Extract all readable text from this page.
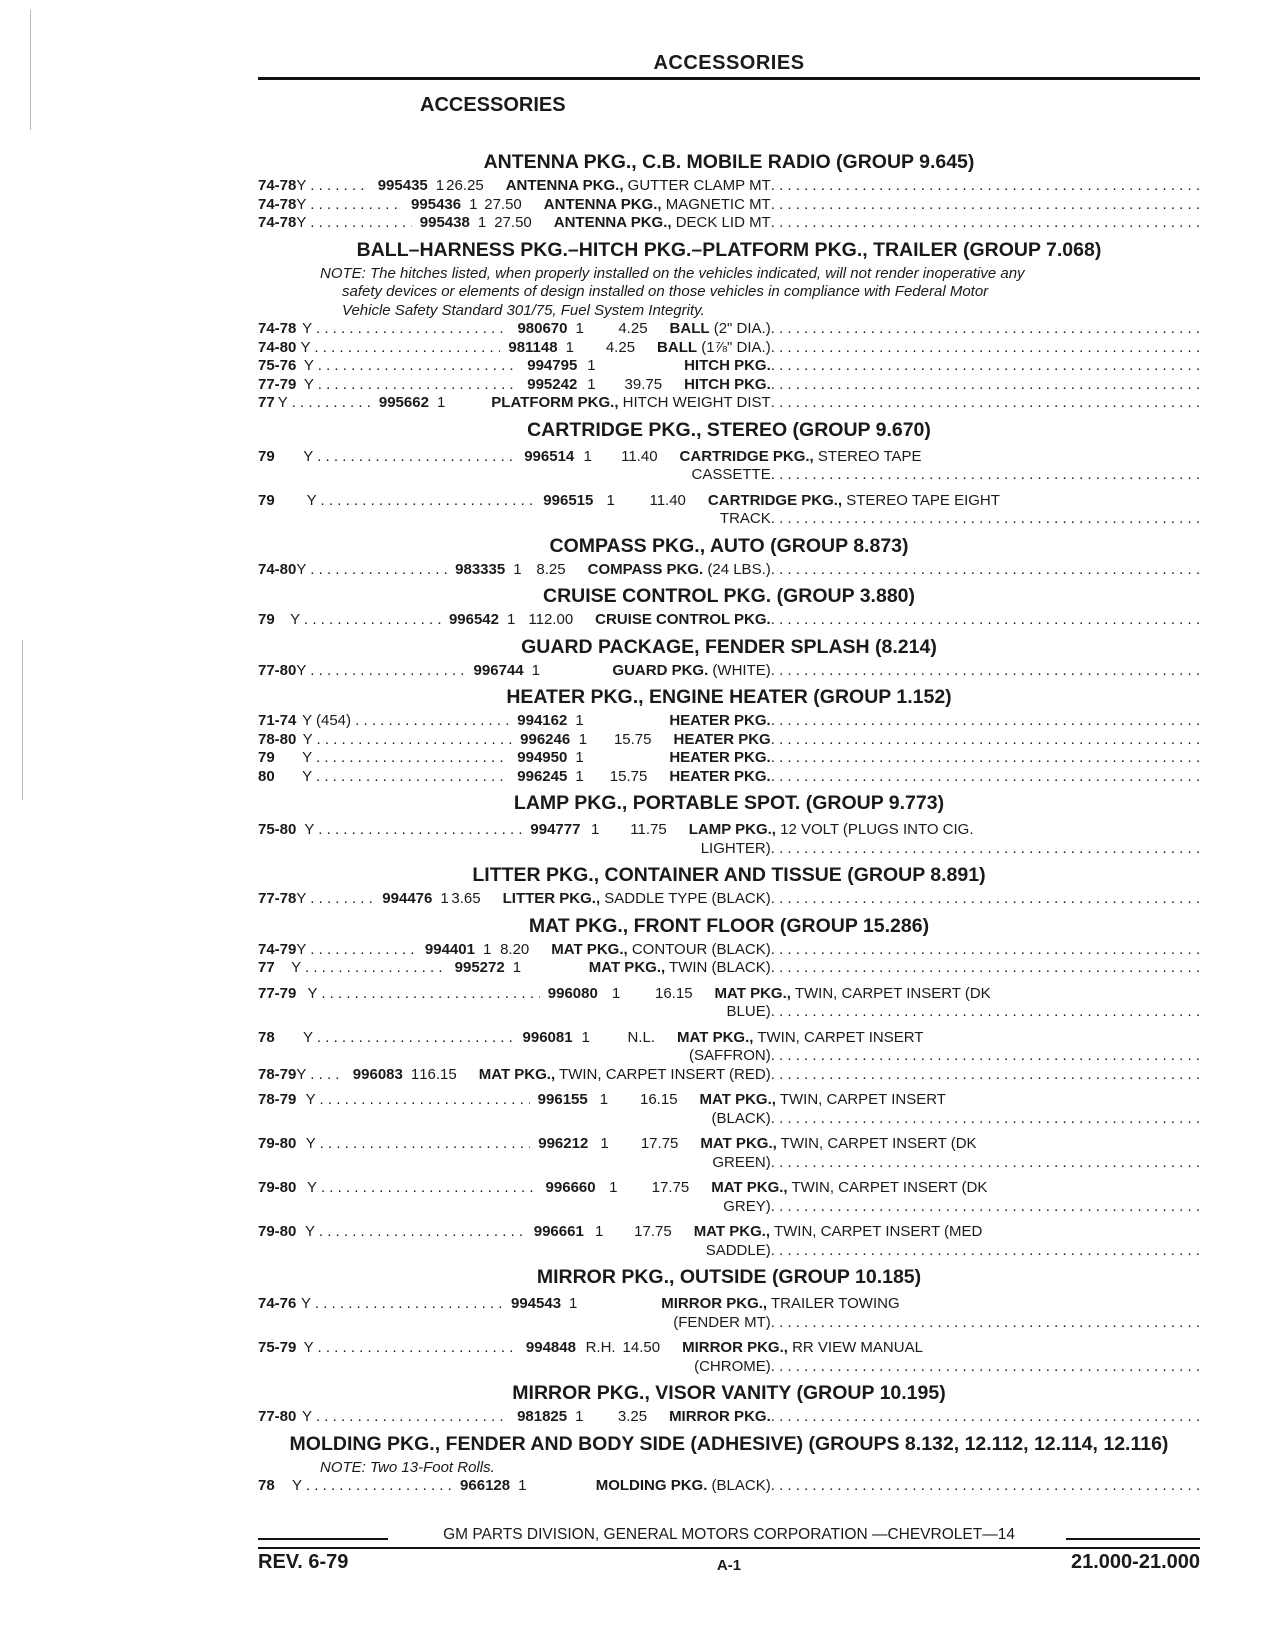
ACCESSORIES
ACCESSORIES
ANTENNA PKG., C.B. MOBILE RADIO (GROUP 9.645)
74-78 Y . . .	995435 1 26.25	ANTENNA PKG., GUTTER CLAMP MT
. . .
74-78 Y . . .	995436 1 27.50	ANTENNA PKG., MAGNETIC MT
. . .
74-78 Y . . .	995438 1 27.50	ANTENNA PKG., DECK LID MT
. . .
BALL–HARNESS PKG.–HITCH PKG.–PLATFORM PKG., TRAILER (GROUP 7.068)
NOTE: The hitches listed, when properly installed on the vehicles indicated, will not render inoperative any
safety devices or elements of design installed on those vehicles in compliance with Federal Motor
Vehicle Safety Standard 301/75, Fuel System Integrity.
74-78 Y . . .	980670 1	4.25	BALL (2" DIA.)
. . .
74-80 Y . . .	981148 1	4.25	BALL (1⅞" DIA.)
. . .
75-76 Y . . .	994795 1	HITCH PKG.
. . .
77-79 Y . . .	995242 1	39.75	HITCH PKG.
. . .
77 Y . . .	995662 1	PLATFORM PKG., HITCH WEIGHT DIST
. . .
CARTRIDGE PKG., STEREO (GROUP 9.670)
79	Y . . .	996514 1	11.40	CARTRIDGE PKG., STEREO TAPE
CASSETTE
. . .
79	Y . . .	996515 1	11.40	CARTRIDGE PKG., STEREO TAPE EIGHT
TRACK
. . .
COMPASS PKG., AUTO (GROUP 8.873)
74-80 Y . . .	983335 1 8.25	COMPASS PKG. (24 LBS.)
. . .
CRUISE CONTROL PKG. (GROUP 3.880)
79	Y . . .	996542 1 112.00	CRUISE CONTROL PKG.
. . .
GUARD PACKAGE, FENDER SPLASH (8.214)
77-80 Y . . .	996744 1	GUARD PKG. (WHITE)
. . .
HEATER PKG., ENGINE HEATER (GROUP 1.152)
71-74 Y (454) . . .	994162 1	HEATER PKG.
. . .
78-80 Y . . .	996246 1	15.75	HEATER PKG
. . .
79	Y . . .	994950 1	HEATER PKG.
. . .
80	Y . . .	996245 1	15.75	HEATER PKG.
. . .
LAMP PKG., PORTABLE SPOT. (GROUP 9.773)
75-80 Y . . .	994777 1	11.75	LAMP PKG., 12 VOLT (PLUGS INTO CIG.
LIGHTER)
. . .
LITTER PKG., CONTAINER AND TISSUE (GROUP 8.891)
77-78 Y . . .	994476 1 3.65	LITTER PKG., SADDLE TYPE (BLACK)
. . .
MAT PKG., FRONT FLOOR (GROUP 15.286)
74-79 Y . . .	994401 1 8.20	MAT PKG., CONTOUR (BLACK)
. . .
77	Y . . .	995272 1	MAT PKG., TWIN (BLACK)
. . .
77-79 Y . . .	996080 1	16.15	MAT PKG., TWIN, CARPET INSERT (DK
BLUE)
. . .
78	Y . . .	996081 1	N.L.	MAT PKG., TWIN, CARPET INSERT
(SAFFRON)
. . .
78-79 Y . . .	996083 1 16.15	MAT PKG., TWIN, CARPET INSERT (RED)
. . .
78-79 Y . . .	996155 1	16.15	MAT PKG., TWIN, CARPET INSERT
(BLACK)
. . .
79-80 Y . . .	996212 1	17.75	MAT PKG., TWIN, CARPET INSERT (DK
GREEN)
. . .
79-80 Y . . .	996660 1	17.75	MAT PKG., TWIN, CARPET INSERT (DK
GREY)
. . .
79-80 Y . . .	996661 1	17.75	MAT PKG., TWIN, CARPET INSERT (MED
SADDLE)
. . .
MIRROR PKG., OUTSIDE (GROUP 10.185)
74-76 Y . . .	994543 1	MIRROR PKG., TRAILER TOWING
(FENDER MT)
. . .
75-79 Y . . .	994848 R.H. 14.50	MIRROR PKG., RR VIEW MANUAL
(CHROME)
. . .
MIRROR PKG., VISOR VANITY (GROUP 10.195)
77-80 Y . . .	981825 1	3.25	MIRROR PKG.
. . .
MOLDING PKG., FENDER AND BODY SIDE (ADHESIVE) (GROUPS 8.132, 12.112, 12.114, 12.116)
NOTE: Two 13-Foot Rolls.
78	Y . . .	966128 1	MOLDING PKG. (BLACK)
. . .
GM PARTS DIVISION, GENERAL MOTORS CORPORATION —CHEVROLET—14
REV. 6-79	A-1	21.000-21.000
